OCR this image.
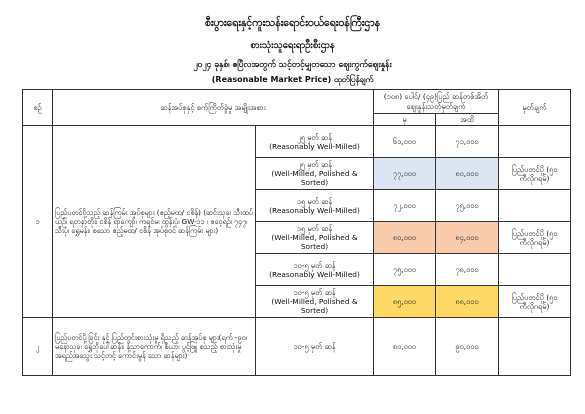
စီးပွားရေးနှင့်ကူးသန်းရောင်းဝယ်ရေးဝန်ကြီးဌာန
စားသုံးသူရေးရာဦးစီးဌာန
၂၀၂၄ ခုနှစ်၊ ဧပြီလအတွက် သင့်တင့်မျှတသော ဈေးကွက်ဈေးနှုန်း
(Reasonable Market Price) ထုတ်ပြန်ချက်
စဉ်	ဆန်အပ်စုနှင့် စက်ကြိတ်ခွဲမှု အမျိုးအစား		(၁၀၈) ပေါင်/ (၄၉)ပြည် ဆန်တစ်အိတ် ဈေးနှုန်းသတ်မှတ်ချက်		မှတ်ချက်
			မှ	အထိ	
၁	ပြည်ပတင်ပို့သည့် ဆန်ကြမ်း အုပ်စုများ (ဧည့်မထ/ ငစိန်) (ဆင်းသုခ၊ သီးထပ်ယဉ်၊ ရတနာတိုး၊ ငစိန် ရာကျော်၊ ကရင်မ၊ ထွန်းပုံ၊ GW-၁၁ ၊ ဧဝေ့ရဉ်၊ ၇၄၇၊ သီးပုံ၊ ရွှေမန်း၊ စသော ဧည့်မထ/ ငစိန် အုပ်စုဝင် ဆန်ကြမ်း များ)	၂၅ မှတ် ဆန်
(Reasonably Well-Milled)	၆၁,၀၀၀	၇၁,၀၀၀	

		၂၅ မှတ် ဆန်
(Well-Milled, Polished & Sorted)	၇၇,၀၀၀	၈၀,၀၀၀	ပြည်ပတင်ပို့ (၅၀ ကီလိုဂရမ်)

		၁၅ မှတ် ဆန်
(Reasonably Well-Milled)	၇၂,၀၀၀	၇၅,၀၀၀	

		၁၅ မှတ် ဆန်
(Well-Milled, Polished & Sorted)	၈၀,၀၀၀	၈၄,၀၀၀	ပြည်ပတင်ပို့ (၅၀ ကီလိုဂရမ်)

		၁၀-၅ မှတ် ဆန်
(Reasonably Well-Milled)	၇၅,၀၀၀	၇၈,၀၀၀	

		၁၀-၅ မှတ် ဆန်
(Well-Milled, Polished & Sorted)	၈၅,၀၀၀	၈၈,၀၀၀	ပြည်ပတင်ပို့ (၅၀ ကီလိုဂရမ်)
၂	ပြည်ပတင်ပို့ခြင်း နှင့် ပြည်တွင်းစားသုံးမှု ရှိသည့် ဆန်အုပ်စု များ(ရက် -၉၀၊ မနောသုခ၊ ရွှေဘိုပေါ်ဆန်း၊ နံ့သာကောက်၊ စီယာ၊ ပွင့်ဖြူ စသည့် စားသုံးမှု အရည်အသွေး သင့်တင့် ကောင်းမွန် သော ဆန်များ)	၁၀-၅ မှတ် ဆန်	၈၀,၀၀၀	၉၀,၀၀၀	
